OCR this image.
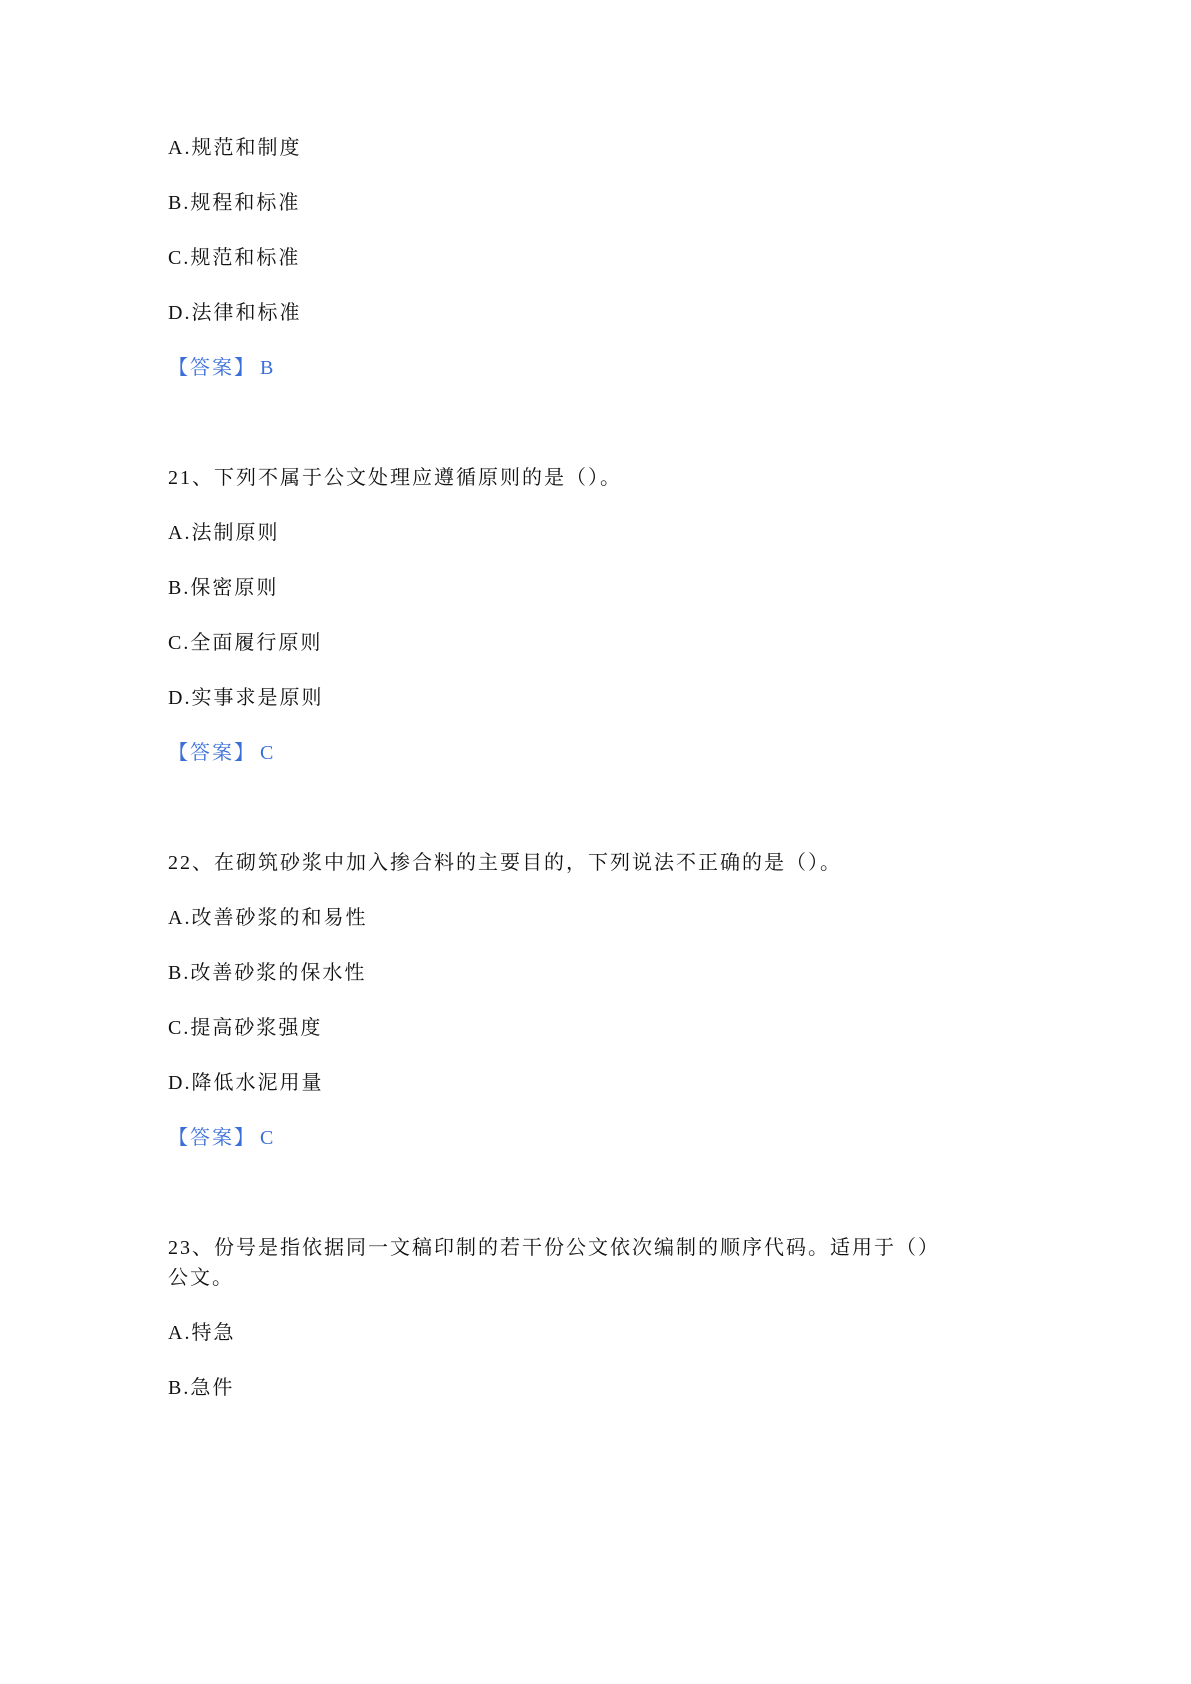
A.规范和制度
B.规程和标准
C.规范和标准
D.法律和标准
【答案】 B
21、下列不属于公文处理应遵循原则的是（）。
A.法制原则
B.保密原则
C.全面履行原则
D.实事求是原则
【答案】 C
22、在砌筑砂浆中加入掺合料的主要目的，下列说法不正确的是（）。
A.改善砂浆的和易性
B.改善砂浆的保水性
C.提高砂浆强度
D.降低水泥用量
【答案】 C
23、份号是指依据同一文稿印制的若干份公文依次编制的顺序代码。适用于（）
公文。
A.特急
B.急件
